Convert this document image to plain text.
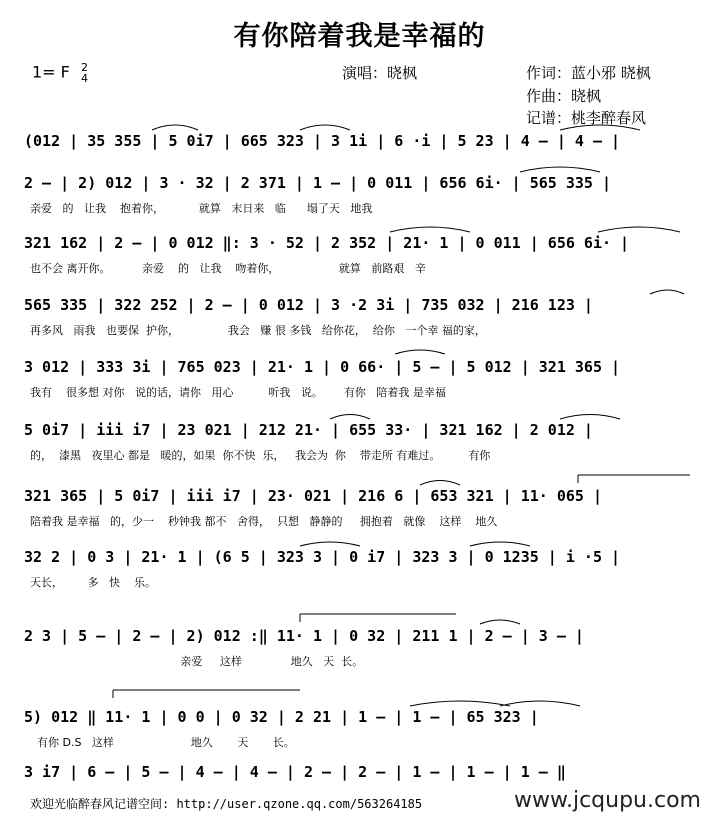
有你陪着我是幸福的
1= F 2
4	演唱：晓枫	作词：蓝小邪 晓枫
作曲：晓枫
记谱：桃李醉春风
(012 | 35 355 | 5 0i7 | 665 323 | 3 1i | 6 ·i | 5 23 | 4 — | 4 — |
2 — | 2) 012 | 3 · 32 | 2 371 | 1 — | 0 011 | 656 6i· | 565 335 |
亲爱   的   让我    抱着你，          就算   末日来   临      塌了天   地我
321 162 | 2 — | 0 012 ‖: 3 · 52 | 2 352 | 21· 1 | 0 011 | 656 6i· |
也不会 离开你。         亲爱    的   让我    吻着你，                 就算   前路艰   辛
565 335 | 322 252 | 2 — | 0 012 | 3 ·2 3i | 735 032 | 216 123 |
再多风   雨我   也要保  护你，              我会   赚 很 多钱   给你花，  给你   一个幸 福的家，
3 012 | 333 3i | 765 023 | 21· 1 | 0 66· | 5 — | 5 012 | 321 365 |
我有    很多想 对你   说的话，请你   用心          听我   说。      有你   陪着我 是幸福
5 0i7 | iii i7 | 23 021 | 212 21· | 655 33· | 321 162 | 2 012 |
的，  漆黑   夜里心 都是   暖的，如果  你不快  乐，   我会为  你    带走所 有难过。        有你
321 365 | 5 0i7 | iii i7 | 23· 021 | 216 6 | 653 321 | 11· 065 |
陪着我 是幸福   的，少一    秒钟我 都不   舍得，  只想   静静的     拥抱着   就像    这样    地久
32 2 | 0 3 | 21· 1 | (6 5 | 323 3 | 0 i7 | 323 3 | 0 1235 | i ·5 |
天长，       多   快    乐。
2 3 | 5 — | 2 — | 2) 012 :‖ 11· 1 | 0 32 | 211 1 | 2 — | 3 — |
亲爱     这样              地久   天  长。
5) 012 ‖ 11· 1 | 0 0 | 0 32 | 2 21 | 1 — | 1 — | 65 323 |
有你 D.S   这样                      地久       天       长。
3 i7 | 6 — | 5 — | 4 — | 4 — | 2 — | 2 — | 1 — | 1 — | 1 — ‖
欢迎光临醉春风记谱空间: http://user.qzone.qq.com/563264185	www.jcqupu.com
